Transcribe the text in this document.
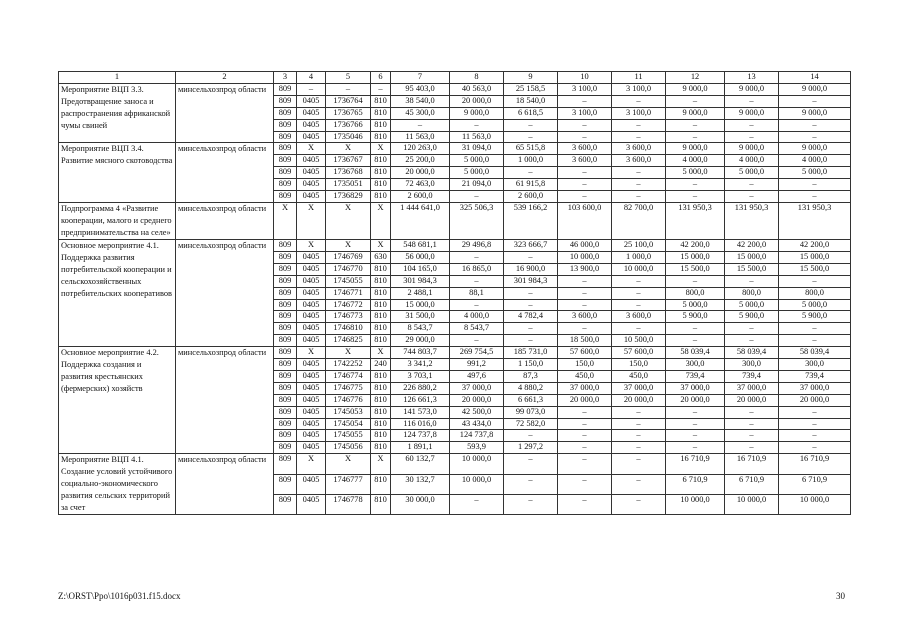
1	2	3	4	5	6	7	8	9	10	11	12	13	14
Мероприятие ВЦП 3.3. Предотвращение заноса и распространения африканской чумы свиней	минсельхозпрод области	809	–	–	–	95 403,0	40 563,0	25 158,5	3 100,0	3 100,0	9 000,0	9 000,0	9 000,0
		809	0405	1736764	810	38 540,0	20 000,0	18 540,0	–	–	–	–	–
		809	0405	1736765	810	45 300,0	9 000,0	6 618,5	3 100,0	3 100,0	9 000,0	9 000,0	9 000,0
		809	0405	1736766	810	–	–	–	–	–	–	–	–
		809	0405	1735046	810	11 563,0	11 563,0	–	–	–	–	–	–
Мероприятие ВЦП 3.4. Развитие мясного скотоводства	минсельхозпрод области	809	Х	Х	Х	120 263,0	31 094,0	65 515,8	3 600,0	3 600,0	9 000,0	9 000,0	9 000,0
		809	0405	1736767	810	25 200,0	5 000,0	1 000,0	3 600,0	3 600,0	4 000,0	4 000,0	4 000,0
		809	0405	1736768	810	20 000,0	5 000,0	–	–	–	5 000,0	5 000,0	5 000,0
		809	0405	1735051	810	72 463,0	21 094,0	61 915,8	–	–	–	–	–
		809	0405	1736829	810	2 600,0	–	2 600,0	–	–	–	–	–
Подпрограмма 4 «Развитие кооперации, малого и среднего предпринимательства на селе»	минсельхозпрод области	Х	Х	Х	Х	1 444 641,0	325 506,3	539 166,2	103 600,0	82 700,0	131 950,3	131 950,3	131 950,3
Основное мероприятие 4.1. Поддержка развития потребительской кооперации и сельскохозяйственных потребительских кооперативов	минсельхозпрод области	809	Х	Х	Х	548 681,1	29 496,8	323 666,7	46 000,0	25 100,0	42 200,0	42 200,0	42 200,0
		809	0405	1746769	630	56 000,0	–	–	10 000,0	1 000,0	15 000,0	15 000,0	15 000,0
		809	0405	1746770	810	104 165,0	16 865,0	16 900,0	13 900,0	10 000,0	15 500,0	15 500,0	15 500,0
		809	0405	1745055	810	301 984,3	–	301 984,3	–	–	–	–	–
		809	0405	1746771	810	2 488,1	88,1	–	–	–	800,0	800,0	800,0
		809	0405	1746772	810	15 000,0	–	–	–	–	5 000,0	5 000,0	5 000,0
		809	0405	1746773	810	31 500,0	4 000,0	4 782,4	3 600,0	3 600,0	5 900,0	5 900,0	5 900,0
		809	0405	1746810	810	8 543,7	8 543,7	–	–	–	–	–	–
		809	0405	1746825	810	29 000,0	–	–	18 500,0	10 500,0	–	–	–
Основное мероприятие 4.2. Поддержка создания и развития крестьянских (фермерских) хозяйств	минсельхозпрод области	809	Х	Х	Х	744 803,7	269 754,5	185 731,0	57 600,0	57 600,0	58 039,4	58 039,4	58 039,4
		809	0405	1742252	240	3 341,2	991,2	1 150,0	150,0	150,0	300,0	300,0	300,0
		809	0405	1746774	810	3 703,1	497,6	87,3	450,0	450,0	739,4	739,4	739,4
		809	0405	1746775	810	226 880,2	37 000,0	4 880,2	37 000,0	37 000,0	37 000,0	37 000,0	37 000,0
		809	0405	1746776	810	126 661,3	20 000,0	6 661,3	20 000,0	20 000,0	20 000,0	20 000,0	20 000,0
		809	0405	1745053	810	141 573,0	42 500,0	99 073,0	–	–	–	–	–
		809	0405	1745054	810	116 016,0	43 434,0	72 582,0	–	–	–	–	–
		809	0405	1745055	810	124 737,8	124 737,8	–	–	–	–	–	–
		809	0405	1745056	810	1 891,1	593,9	1 297,2	–	–	–	–	–
Мероприятие ВЦП 4.1. Создание условий устойчивого социально-экономического развития сельских территорий за счет	минсельхозпрод области	809	Х	Х	Х	60 132,7	10 000,0	–	–	–	16 710,9	16 710,9	16 710,9
		809	0405	1746777	810	30 132,7	10 000,0	–	–	–	6 710,9	6 710,9	6 710,9
		809	0405	1746778	810	30 000,0	–	–	–	–	10 000,0	10 000,0	10 000,0
Z:\ORST\Ppo\1016p031.f15.docx	30
